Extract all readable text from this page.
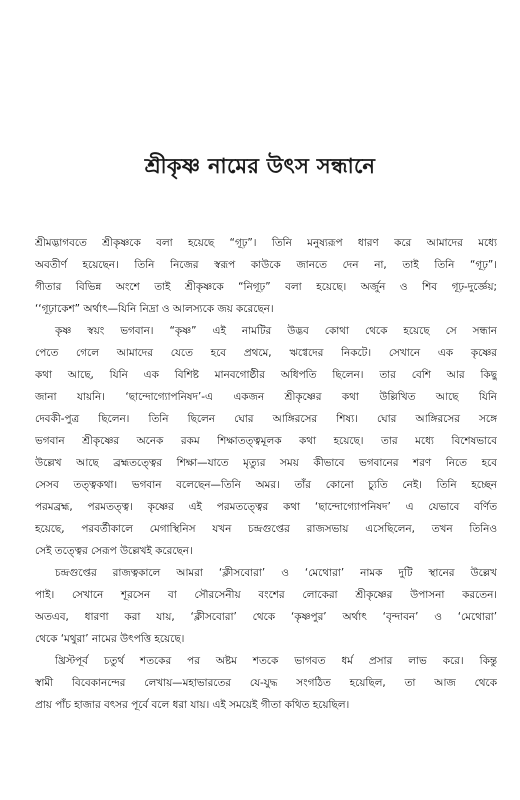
শ্রীকৃষ্ণ নামের উৎস সন্ধানে

শ্রীমদ্ভাগবতে শ্রীকৃষ্ণকে বলা হয়েছে “গূঢ়”। তিনি মনুষ্যরূপ ধারণ করে আমাদের মধ্যে
অবতীর্ণ হয়েছেন। তিনি নিজের স্বরূপ কাউকে জানতে দেন না, তাই তিনি “গূঢ়”।
গীতার বিভিন্ন অংশে তাই শ্রীকৃষ্ণকে “নিগূঢ়” বলা হয়েছে। অর্জুন ও শিব গূঢ়-দুর্জ্ঞেয়;
‘‘গূঢ়াকেশ” অর্থাৎ—যিনি নিদ্রা ও আলস্যকে জয় করেছেন।

কৃষ্ণ স্বয়ং ভগবান। “কৃষ্ণ” এই নামটির উদ্ভব কোথা থেকে হয়েছে সে সন্ধান
পেতে গেলে আমাদের যেতে হবে প্রথমে, ঋগ্বেদের নিকটে। সেখানে এক কৃষ্ণের
কথা আছে, যিনি এক বিশিষ্ট মানবগোষ্ঠীর অধিপতি ছিলেন। তার বেশি আর কিছু
জানা যায়নি। ‘ছান্দোগ্যোপনিষদ’-এ একজন শ্রীকৃষ্ণের কথা উল্লিখিত আছে যিনি
দেবকী-পুত্র ছিলেন। তিনি ছিলেন ঘোর আঙ্গিরসের শিষ্য। ঘোর আঙ্গিরসের সঙ্গে
ভগবান শ্রীকৃষ্ণের অনেক রকম শিক্ষাতত্ত্বমূলক কথা হয়েছে। তার মধ্যে বিশেষভাবে
উল্লেখ আছে ব্রহ্মতত্ত্বের শিক্ষা—যাতে মৃত্যুর সময় কীভাবে ভগবানের শরণ নিতে হবে
সেসব তত্ত্বকথা। ভগবান বলেছেন—তিনি অমর। তাঁর কোনো চ্যুতি নেই। তিনি হচ্ছেন
পরমব্রহ্ম, পরমতত্ত্ব। কৃষ্ণের এই পরমতত্ত্বের কথা ‘ছান্দোগ্যোপনিষদ’ এ যেভাবে বর্ণিত
হয়েছে, পরবর্তীকালে মেগাস্থিনিস যখন চন্দ্রগুপ্তের রাজসভায় এসেছিলেন, তখন তিনিও
সেই তত্ত্বের সেরূপ উল্লেখই করেছেন।

চন্দ্রগুপ্তের রাজত্বকালে আমরা ‘ক্লীসবোরা’ ও ‘মেথোরা’ নামক দুটি স্থানের উল্লেখ
পাই। সেখানে শূরসেন বা সৌরসেনীয় বংশের লোকেরা শ্রীকৃষ্ণের উপাসনা করতেন।
অতএব, ধারণা করা যায়, ‘ক্লীসবোরা’ থেকে ‘কৃষ্ণপুর’ অর্থাৎ ‘বৃন্দাবন’ ও ‘মেথোরা’
থেকে ‘মথুরা’ নামের উৎপত্তি হয়েছে।

খ্রিস্টপূর্ব চতুর্থ শতকের পর অষ্টম শতকে ভাগবত ধর্ম প্রসার লাভ করে। কিন্তু
স্বামী বিবেকানন্দের লেখায়—মহাভারতের যে-যুদ্ধ সংগঠিত হয়েছিল, তা আজ থেকে
প্রায় পাঁচ হাজার বৎসর পূর্বে বলে ধরা যায়। এই সময়েই গীতা কথিত হয়েছিল।
